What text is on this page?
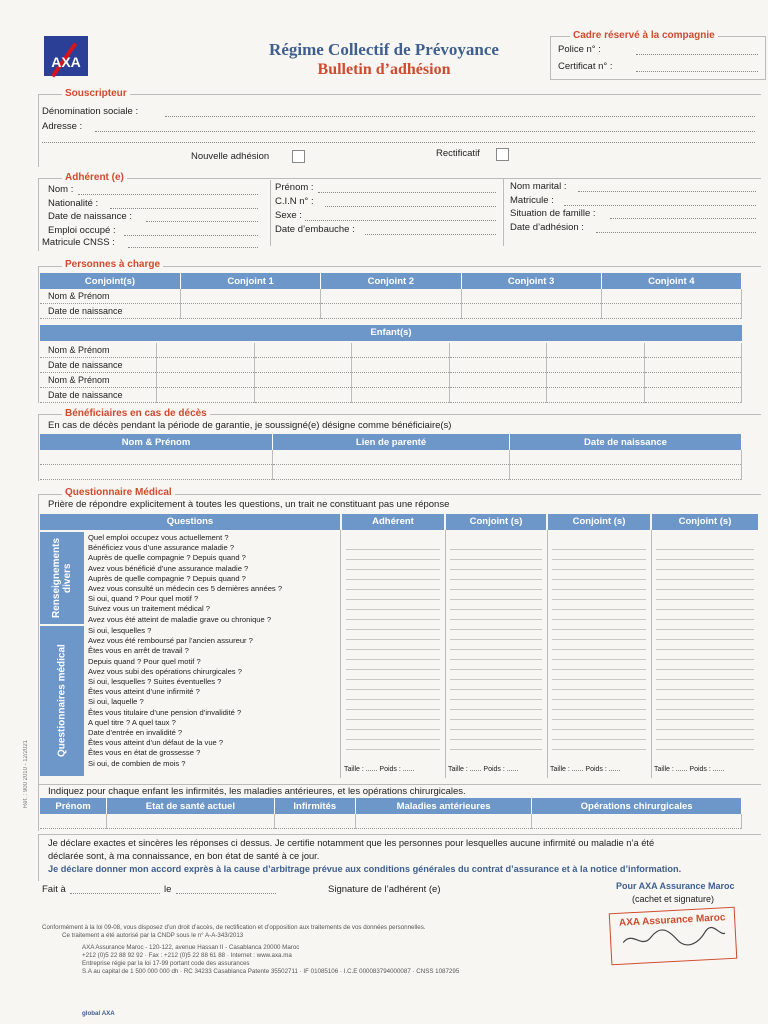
AXA
Régime Collectif de Prévoyance
Bulletin d’adhésion
Cadre réservé à la compagnie
Police n° :
Certificat n° :
Souscripteur
Dénomination sociale :
Adresse :
Nouvelle adhésion	Rectificatif
Adhérent (e)
Nom :
Nationalité :
Date de naissance :
Emploi occupé :
Matricule CNSS :
Prénom :
C.I.N n° :
Sexe :
Date d’embauche :
Nom marital :
Matricule :
Situation de famille :
Date d’adhésion :
Personnes à charge
Conjoint(s)	Conjoint 1	Conjoint 2	Conjoint 3	Conjoint 4
Nom & Prénom				
Date de naissance				
Enfant(s)
Nom & Prénom						
Date de naissance						
Nom & Prénom						
Date de naissance						
Bénéficiaires en cas de décès
En cas de décès pendant la période de garantie, je soussigné(e) désigne comme bénéficiaire(s)
Nom & Prénom	Lien de parenté	Date de naissance

Questionnaire Médical
Prière de répondre explicitement à toutes les questions, un trait ne constituant pas une réponse
Questions	Adhérent	Conjoint (s)	Conjoint (s)	Conjoint (s)
Renseignements divers
Questionnaires médical
Quel emploi occupez vous actuellement ?
Bénéficiez vous d’une assurance maladie ?
Auprès de quelle compagnie ? Depuis quand ?
Avez vous bénéficié d’une assurance maladie ?
Auprès de quelle compagnie ? Depuis quand ?
Avez vous consulté un médecin ces 5 dernières années ?
Si oui, quand ? Pour quel motif ?
Suivez vous un traitement médical ?
Avez vous été atteint de maladie grave ou chronique ?
Si oui, lesquelles ?
Avez vous été remboursé par l’ancien assureur ?
Êtes vous en arrêt de travail ?
Depuis quand ? Pour quel motif ?
Avez vous subi des opérations chirurgicales ?
Si oui, lesquelles ? Suites éventuelles ?
Êtes vous atteint d’une infirmité ?
Si oui, laquelle ?
Êtes vous titulaire d’une pension d’invalidité ?
A quel titre ? A quel taux ?
Date d’entrée en invalidité ?
Êtes vous atteint d’un défaut de la vue ?
Êtes vous en état de grossesse ?
Si oui, de combien de mois ?
Taille : ...... Poids : ......	Taille : ...... Poids : ......	Taille : ...... Poids : ......	Taille : ...... Poids : ......
Indiquez pour chaque enfant les infirmités, les maladies antérieures, et les opérations chirurgicales.
Prénom	Etat de santé actuel	Infirmités	Maladies antérieures	Opérations chirurgicales

Je déclare exactes et sincères les réponses ci dessus. Je certifie notamment que les personnes pour lesquelles aucune infirmité ou maladie n’a été
déclarée sont, à ma connaissance, en bon état de santé à ce jour.
Je déclare donner mon accord exprès à la cause d’arbitrage prévue aux conditions générales du contrat d’assurance et à la notice d’information.
Fait à	le	Signature de l’adhérent (e)	Pour AXA Assurance Maroc
(cachet et signature)
AXA Assurance Maroc
Conformément à la loi 09-08, vous disposez d’un droit d’accès, de rectification et d’opposition aux traitements de vos données personnelles.
Ce traitement a été autorisé par la CNDP sous le n° A-A-343/2013
AXA Assurance Maroc - 120-122, avenue Hassan II - Casablanca 20000 Maroc
+212 (0)5 22 88 92 92 · Fax : +212 (0)5 22 88 61 88 · Internet : www.axa.ma
Entreprise régie par la loi 17-99 portant code des assurances
S.A au capital de 1 500 000 000 dh · RC 34233 Casablanca Patente 35502711 · IF 01085106 · I.C.E 000083794000087 · CNSS 1087295
global AXA
Réf. : 900 2010 - 12/2021
